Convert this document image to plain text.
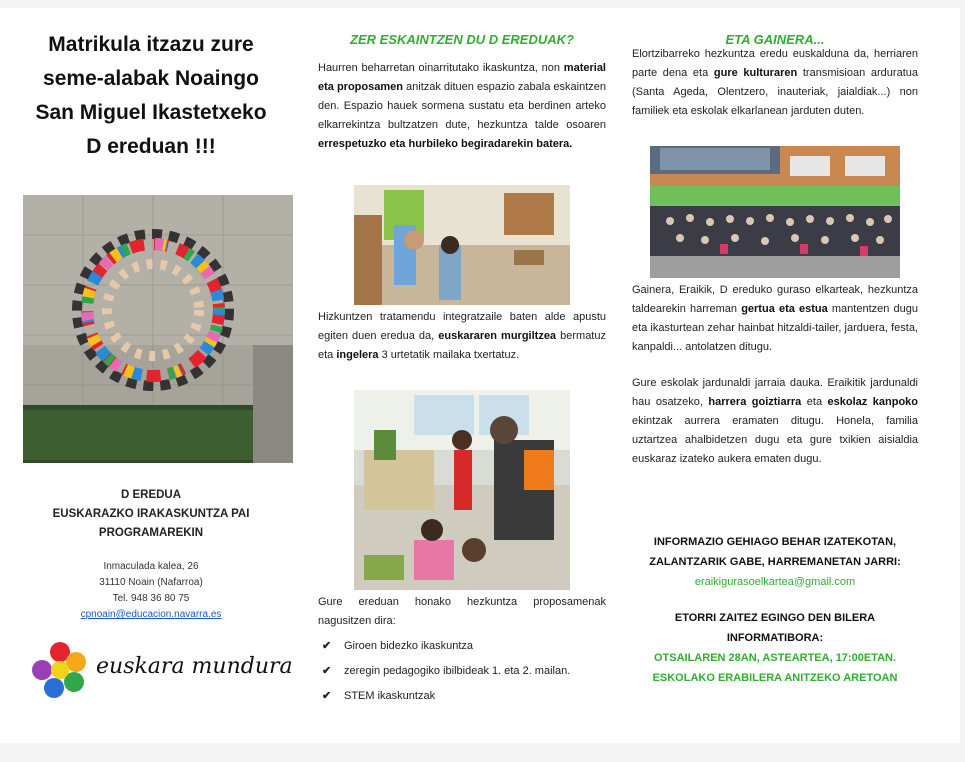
Matrikula itzazu zure
seme-alabak Noaingo
San Miguel Ikastetxeko
D ereduan !!!
D EREDUA
EUSKARAZKO IRAKASKUNTZA PAI
PROGRAMAREKIN
Inmaculada kalea, 26
31110 Noain (Nafarroa)
Tel. 948 36 80 75
cpnoain@educacion.navarra.es
euskara mundura
ZER ESKAINTZEN DU D EREDUAK?

Haurren beharretan oinarritutako ikaskuntza, non material eta proposamen anitzak dituen espazio zabala eskaintzen den. Espazio hauek sormena sustatu eta berdinen arteko elkarrekintza bultzatzen dute, hezkuntza talde osoaren errespetuzko eta hurbileko begiradarekin batera.

Hizkuntzen tratamendu integratzaile baten alde apustu egiten duen eredua da, euskararen murgiltzea bermatuz eta ingelera 3 urtetatik mailaka txertatuz.

Gure ereduan honako hezkuntza proposamenak nagusitzen dira:

✔ Giroen bidezko ikaskuntza
✔ zeregin pedagogiko ibilbideak 1. eta 2. mailan.
✔ STEM ikaskuntzak
ETA GAINERA...

Elortzibarreko hezkuntza eredu euskalduna da, herriaren parte dena eta gure kulturaren transmisioan arduratua (Santa Ageda, Olentzero, inauteriak, jaialdiak...) non familiek eta eskolak elkarlanean jarduten duten.

Gainera, Eraikik, D ereduko guraso elkarteak, hezkuntza taldearekin harreman gertua eta estua mantentzen dugu eta ikasturtean zehar hainbat hitzaldi-tailer, jarduera, festa, kanpaldi... antolatzen ditugu.

Gure eskolak jardunaldi jarraia dauka. Eraikitik jardunaldi hau osatzeko, harrera goiztiarra eta eskolaz kanpoko ekintzak aurrera eramaten ditugu. Honela, familia uztartzea ahalbidetzen dugu eta gure txikien aisialdia euskaraz izateko aukera ematen dugu.

INFORMAZIO GEHIAGO BEHAR IZATEKOTAN,
ZALANTZARIK GABE, HARREMANETAN JARRI:
eraikigurasoelkartea@gmail.com
ETORRI ZAITEZ EGINGO DEN BILERA
INFORMATIBORA:
OTSAILAREN 28AN, ASTEARTEA, 17:00ETAN.
ESKOLAKO ERABILERA ANITZEKO ARETOAN
